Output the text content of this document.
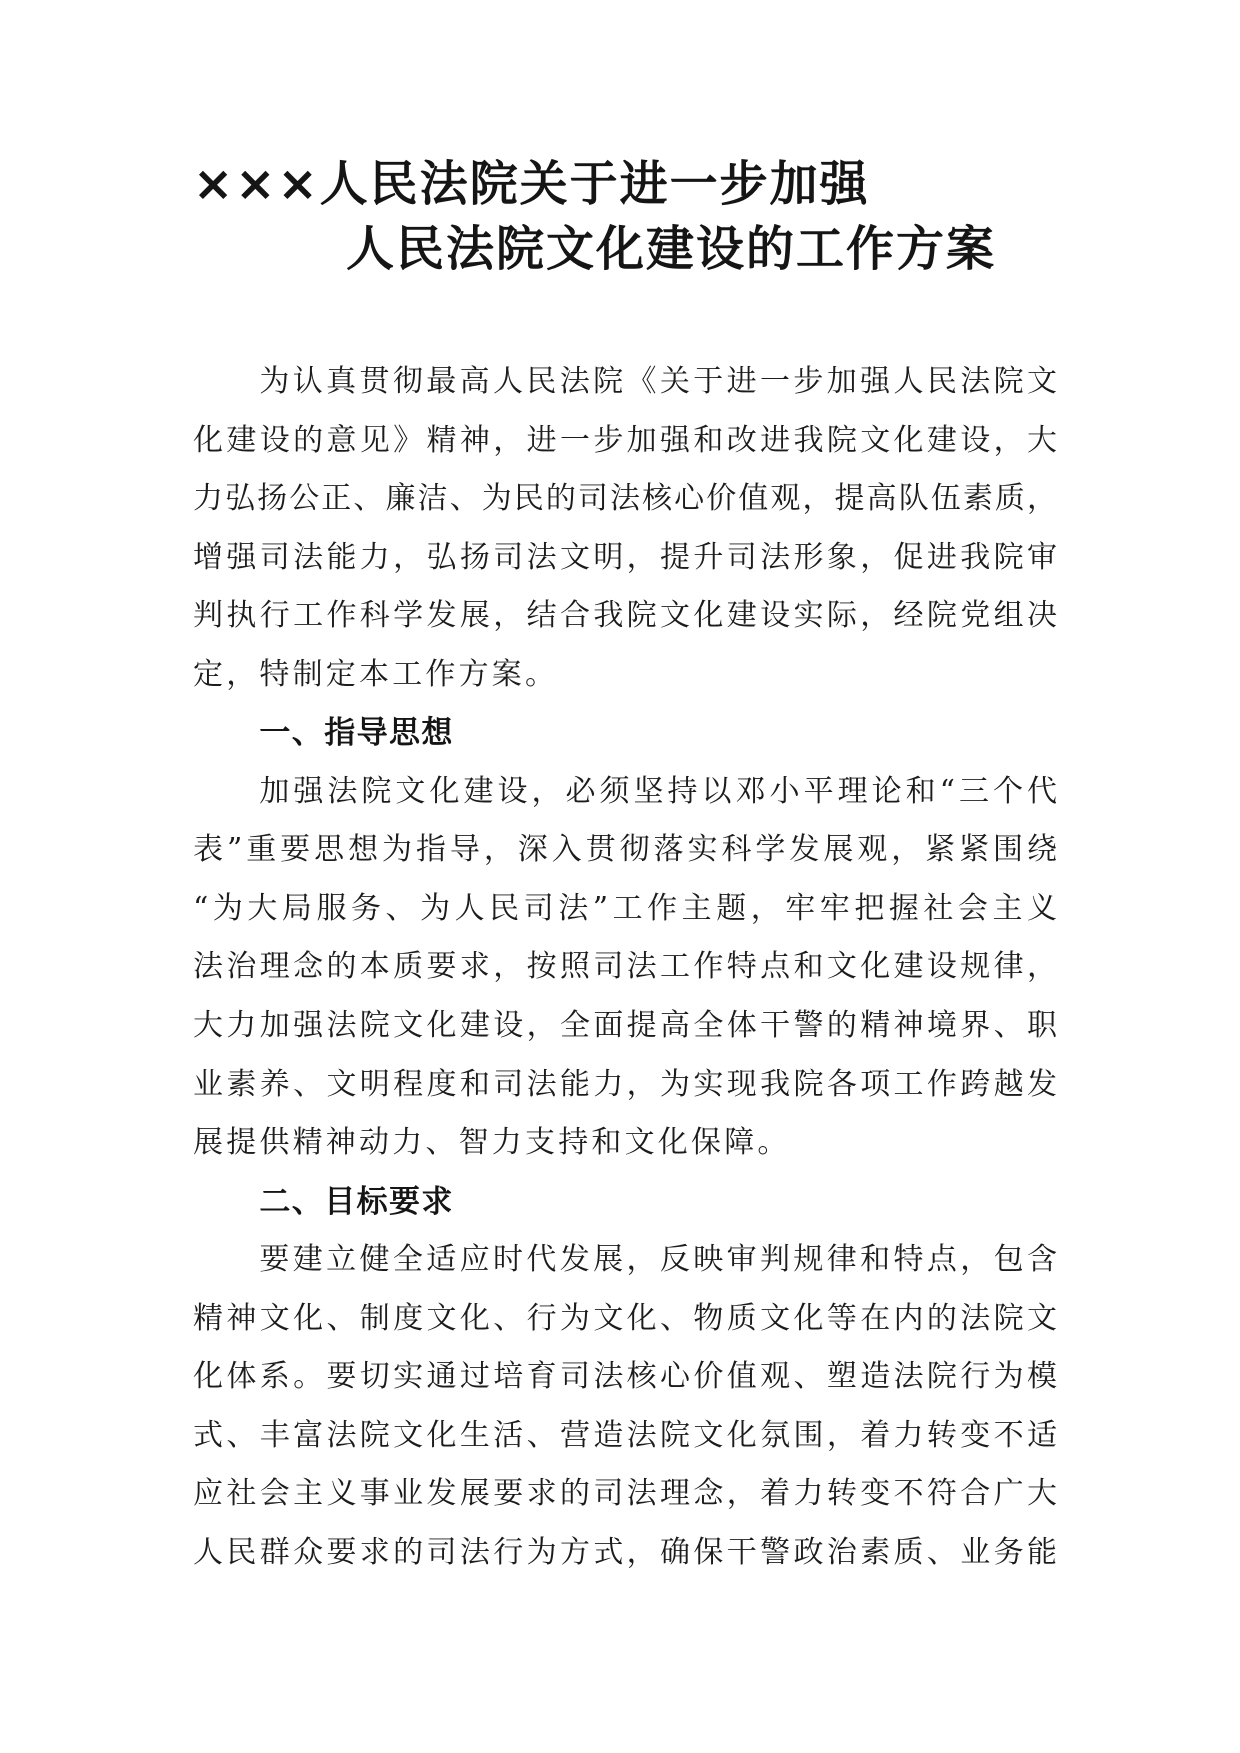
×××人民法院关于进一步加强
人民法院文化建设的工作方案
为认真贯彻最高人民法院《关于进一步加强人民法院文
化建设的意见》精神，进一步加强和改进我院文化建设，大
力弘扬公正、廉洁、为民的司法核心价值观，提高队伍素质，
增强司法能力，弘扬司法文明，提升司法形象，促进我院审
判执行工作科学发展，结合我院文化建设实际，经院党组决
定，特制定本工作方案。
一、指导思想
加强法院文化建设，必须坚持以邓小平理论和“三个代
表”重要思想为指导，深入贯彻落实科学发展观，紧紧围绕
“为大局服务、为人民司法”工作主题，牢牢把握社会主义
法治理念的本质要求，按照司法工作特点和文化建设规律，
大力加强法院文化建设，全面提高全体干警的精神境界、职
业素养、文明程度和司法能力，为实现我院各项工作跨越发
展提供精神动力、智力支持和文化保障。
二、目标要求
要建立健全适应时代发展，反映审判规律和特点，包含
精神文化、制度文化、行为文化、物质文化等在内的法院文
化体系。要切实通过培育司法核心价值观、塑造法院行为模
式、丰富法院文化生活、营造法院文化氛围，着力转变不适
应社会主义事业发展要求的司法理念，着力转变不符合广大
人民群众要求的司法行为方式，确保干警政治素质、业务能
